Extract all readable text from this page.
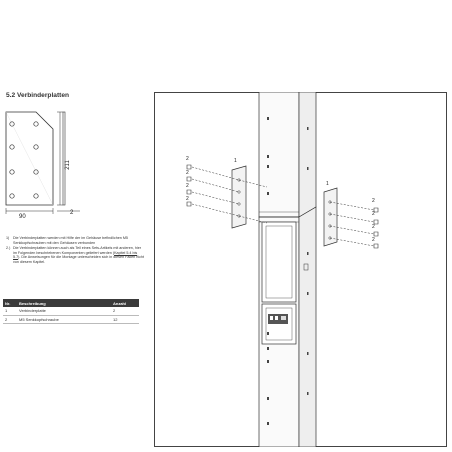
5.2 Verbinderplatten
211
90
2
1)	Die Verbinderplatten werden mit Hilfe der im Gehäuse befindlichen M5 Senkkopfschrauben mit den Gehäusen verbunden
2.) Die Verbinderplatten können auch als Teil eines Sets-Artikels mit anderen, hier im Folgenden beschriebenen Komponenten geliefert werden (Kapitel 5.4 bis 5.7). Die Anweisungen für die Montage unterscheiden sich in diesen Fällen nicht von diesem Kapitel.
Nr.	Beschreibung	Anzahl
1	Verbinderplatte	2
2	M5 Senkkopfschraube	12
1
2
2
2
2
1
2
2
2
2
